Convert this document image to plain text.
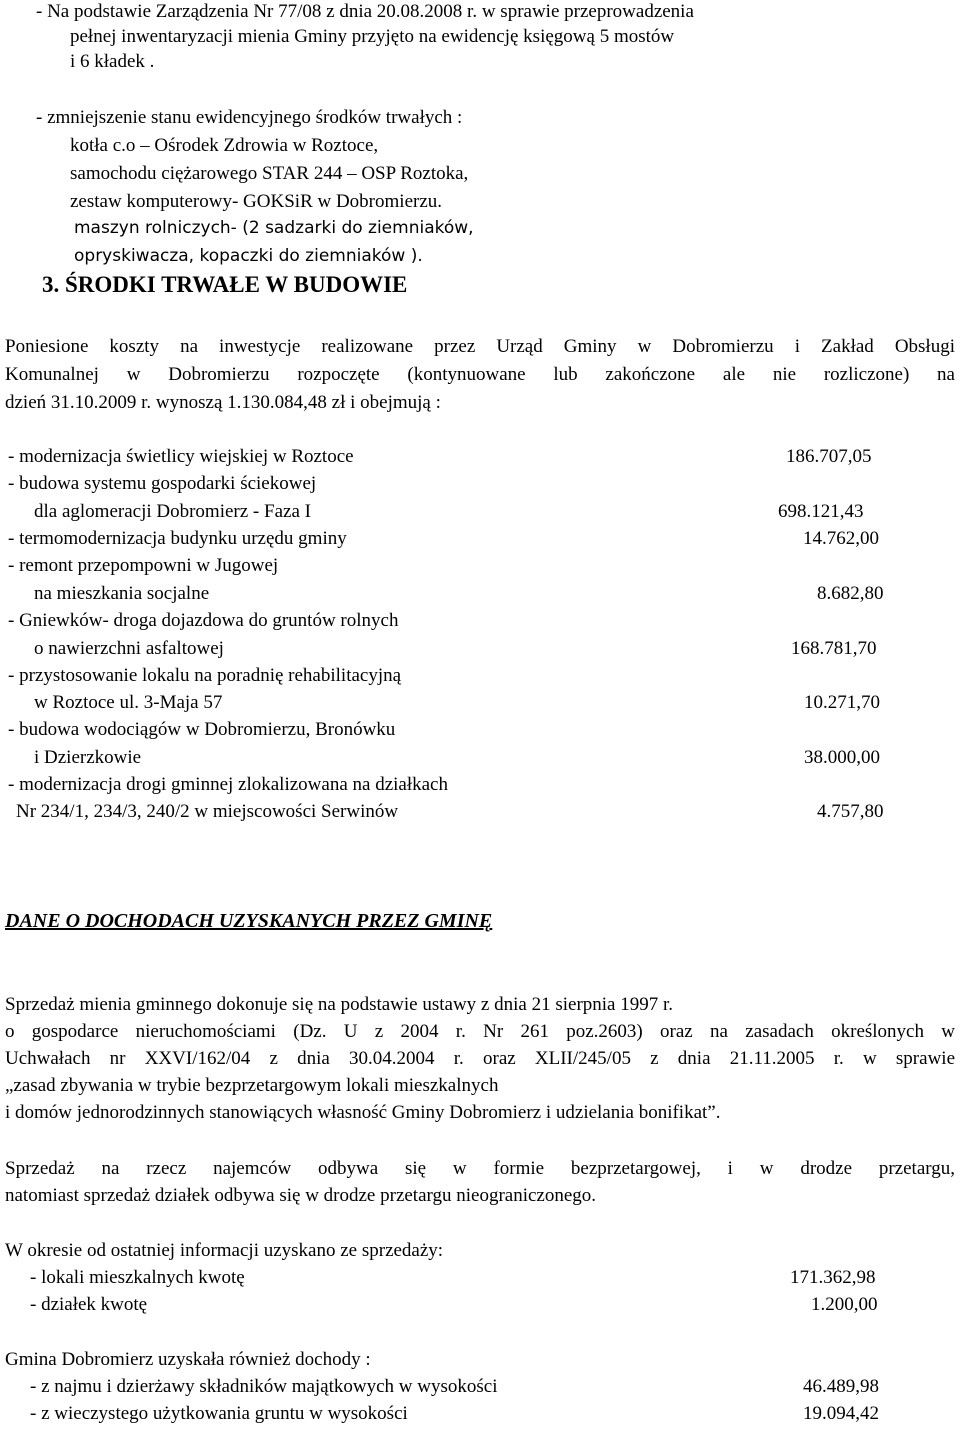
- Na podstawie Zarządzenia Nr 77/08 z dnia 20.08.2008 r. w sprawie przeprowadzenia
pełnej inwentaryzacji mienia Gminy przyjęto na ewidencję księgową 5 mostów
i 6 kładek .
- zmniejszenie stanu ewidencyjnego środków trwałych :
kotła c.o – Ośrodek Zdrowia w Roztoce,
samochodu ciężarowego STAR 244 – OSP Roztoka,
zestaw komputerowy- GOKSiR w Dobromierzu.
maszyn rolniczych- (2 sadzarki do ziemniaków,
opryskiwacza, kopaczki do ziemniaków ).
3. ŚRODKI TRWAŁE W BUDOWIE
Poniesione koszty na inwestycje realizowane przez Urząd Gminy w Dobromierzu i Zakład Obsługi
Komunalnej w Dobromierzu rozpoczęte (kontynuowane lub zakończone ale nie rozliczone) na
dzień 31.10.2009 r. wynoszą 1.130.084,48 zł i obejmują :
- modernizacja świetlicy wiejskiej w Roztoce	186.707,05
- budowa systemu gospodarki ściekowej
dla aglomeracji Dobromierz - Faza I	698.121,43
- termomodernizacja budynku urzędu gminy	14.762,00
- remont przepompowni w Jugowej
na mieszkania socjalne	8.682,80
- Gniewków- droga dojazdowa do gruntów rolnych
o nawierzchni asfaltowej	168.781,70
- przystosowanie lokalu na poradnię rehabilitacyjną
w Roztoce ul. 3-Maja 57	10.271,70
- budowa wodociągów w Dobromierzu, Bronówku
i Dzierzkowie	38.000,00
- modernizacja drogi gminnej zlokalizowana na działkach
Nr 234/1, 234/3, 240/2 w miejscowości Serwinów	4.757,80
DANE O DOCHODACH UZYSKANYCH PRZEZ GMINĘ
Sprzedaż mienia gminnego dokonuje się na podstawie ustawy z dnia 21 sierpnia 1997 r.
o gospodarce nieruchomościami (Dz. U z 2004 r. Nr 261 poz.2603) oraz na zasadach określonych w
Uchwałach nr XXVI/162/04 z dnia 30.04.2004 r. oraz XLII/245/05 z dnia 21.11.2005 r. w sprawie
„zasad zbywania w trybie bezprzetargowym lokali mieszkalnych
i domów jednorodzinnych stanowiących własność Gminy Dobromierz i udzielania bonifikat”.
Sprzedaż na rzecz najemców odbywa się w formie bezprzetargowej, i w drodze przetargu,
natomiast sprzedaż działek odbywa się w drodze przetargu nieograniczonego.
W okresie od ostatniej informacji uzyskano ze sprzedaży:
- lokali mieszkalnych kwotę	171.362,98
- działek kwotę	1.200,00
Gmina Dobromierz uzyskała również dochody :
- z najmu i dzierżawy składników majątkowych w wysokości	46.489,98
- z wieczystego użytkowania gruntu w wysokości	19.094,42
